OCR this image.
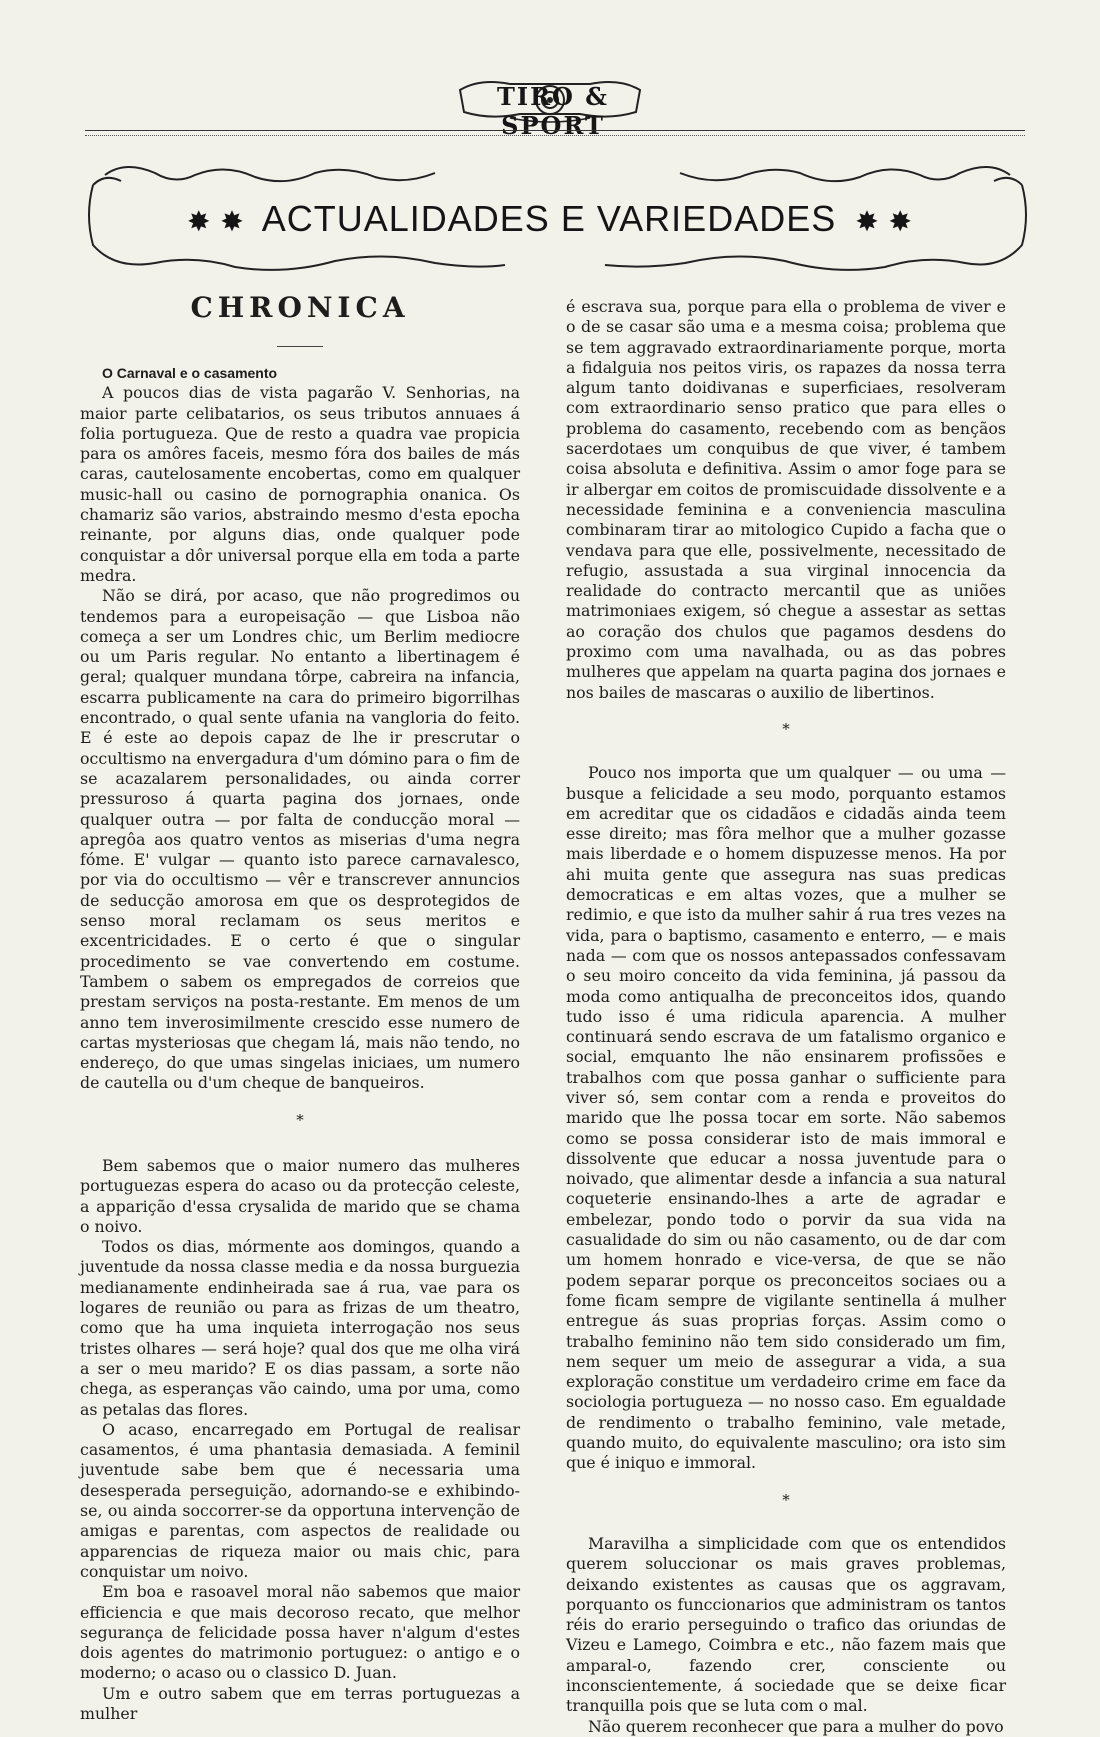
TIRO & SPORT
✸ ✸ ACTUALIDADES E VARIEDADES ✸ ✸
CHRONICA

O Carnaval e o casamento

A poucos dias de vista pagarão V. Senhorias, na maior parte celibatarios, os seus tributos annuaes á folia portugueza. Que de resto a quadra vae propicia para os amôres faceis, mesmo fóra dos bailes de más caras, cautelosamente encobertas, como em qualquer music-hall ou casino de pornographia onanica. Os chamariz são varios, abstraindo mesmo d'esta epocha reinante, por alguns dias, onde qualquer pode conquistar a dôr universal porque ella em toda a parte medra.

Não se dirá, por acaso, que não progredimos ou tendemos para a europeisação — que Lisboa não começa a ser um Londres chic, um Berlim mediocre ou um Paris regular. No entanto a libertinagem é geral; qualquer mundana tôrpe, cabreira na infancia, escarra publicamente na cara do primeiro bigorrilhas encontrado, o qual sente ufania na vangloria do feito. E é este ao depois capaz de lhe ir prescrutar o occultismo na envergadura d'um dómino para o fim de se acazalarem personalidades, ou ainda correr pressuroso á quarta pagina dos jornaes, onde qualquer outra — por falta de conducção moral — apregôa aos quatro ventos as miserias d'uma negra fóme. E' vulgar — quanto isto parece carnavalesco, por via do occultismo — vêr e transcrever annuncios de seducção amorosa em que os desprotegidos de senso moral reclamam os seus meritos e excentricidades. E o certo é que o singular procedimento se vae convertendo em costume. Tambem o sabem os empregados de correios que prestam serviços na posta-restante. Em menos de um anno tem inverosimilmente crescido esse numero de cartas mysteriosas que chegam lá, mais não tendo, no endereço, do que umas singelas iniciaes, um numero de cautella ou d'um cheque de banqueiros.

*

Bem sabemos que o maior numero das mulheres portuguezas espera do acaso ou da protecção celeste, a apparição d'essa crysalida de marido que se chama o noivo.

Todos os dias, mórmente aos domingos, quando a juventude da nossa classe media e da nossa burguezia medianamente endinheirada sae á rua, vae para os logares de reunião ou para as frizas de um theatro, como que ha uma inquieta interrogação nos seus tristes olhares — será hoje? qual dos que me olha virá a ser o meu marido? E os dias passam, a sorte não chega, as esperanças vão caindo, uma por uma, como as petalas das flores.

O acaso, encarregado em Portugal de realisar casamentos, é uma phantasia demasiada. A feminil juventude sabe bem que é necessaria uma desesperada perseguição, adornando-se e exhibindo-se, ou ainda soccorrer-se da opportuna intervenção de amigas e parentas, com aspectos de realidade ou apparencias de riqueza maior ou mais chic, para conquistar um noivo.

Em boa e rasoavel moral não sabemos que maior efficiencia e que mais decoroso recato, que melhor segurança de felicidade possa haver n'algum d'estes dois agentes do matrimonio portuguez: o antigo e o moderno; o acaso ou o classico D. Juan.

Um e outro sabem que em terras portuguezas a mulher

é escrava sua, porque para ella o problema de viver e o de se casar são uma e a mesma coisa; problema que se tem aggravado extraordinariamente porque, morta a fidalguia nos peitos viris, os rapazes da nossa terra algum tanto doidivanas e superficiaes, resolveram com extraordinario senso pratico que para elles o problema do casamento, recebendo com as bençãos sacerdotaes um conquibus de que viver, é tambem coisa absoluta e definitiva. Assim o amor foge para se ir albergar em coitos de promiscuidade dissolvente e a necessidade feminina e a conveniencia masculina combinaram tirar ao mitologico Cupido a facha que o vendava para que elle, possivelmente, necessitado de refugio, assustada a sua virginal innocencia da realidade do contracto mercantil que as uniões matrimoniaes exigem, só chegue a assestar as settas ao coração dos chulos que pagamos desdens do proximo com uma navalhada, ou as das pobres mulheres que appelam na quarta pagina dos jornaes e nos bailes de mascaras o auxilio de libertinos.

*

Pouco nos importa que um qualquer — ou uma — busque a felicidade a seu modo, porquanto estamos em acreditar que os cidadãos e cidadãs ainda teem esse direito; mas fôra melhor que a mulher gozasse mais liberdade e o homem dispuzesse menos. Ha por ahi muita gente que assegura nas suas predicas democraticas e em altas vozes, que a mulher se redimio, e que isto da mulher sahir á rua tres vezes na vida, para o baptismo, casamento e enterro, — e mais nada — com que os nossos antepassados confessavam o seu moiro conceito da vida feminina, já passou da moda como antiqualha de preconceitos idos, quando tudo isso é uma ridicula aparencia. A mulher continuará sendo escrava de um fatalismo organico e social, emquanto lhe não ensinarem profissões e trabalhos com que possa ganhar o sufficiente para viver só, sem contar com a renda e proveitos do marido que lhe possa tocar em sorte. Não sabemos como se possa considerar isto de mais immoral e dissolvente que educar a nossa juventude para o noivado, que alimentar desde a infancia a sua natural coqueterie ensinando-lhes a arte de agradar e embelezar, pondo todo o porvir da sua vida na casualidade do sim ou não casamento, ou de dar com um homem honrado e vice-versa, de que se não podem separar porque os preconceitos sociaes ou a fome ficam sempre de vigilante sentinella á mulher entregue ás suas proprias forças. Assim como o trabalho feminino não tem sido considerado um fim, nem sequer um meio de assegurar a vida, a sua exploração constitue um verdadeiro crime em face da sociologia portugueza — no nosso caso. Em egualdade de rendimento o trabalho feminino, vale metade, quando muito, do equivalente masculino; ora isto sim que é iniquo e immoral.

*

Maravilha a simplicidade com que os entendidos querem soluccionar os mais graves problemas, deixando existentes as causas que os aggravam, porquanto os funccionarios que administram os tantos réis do erario perseguindo o trafico das oriundas de Vizeu e Lamego, Coimbra e etc., não fazem mais que amparal-o, fazendo crer, consciente ou inconscientemente, á sociedade que se deixe ficar tranquilla pois que se luta com o mal.

Não querem reconhecer que para a mulher do povo
